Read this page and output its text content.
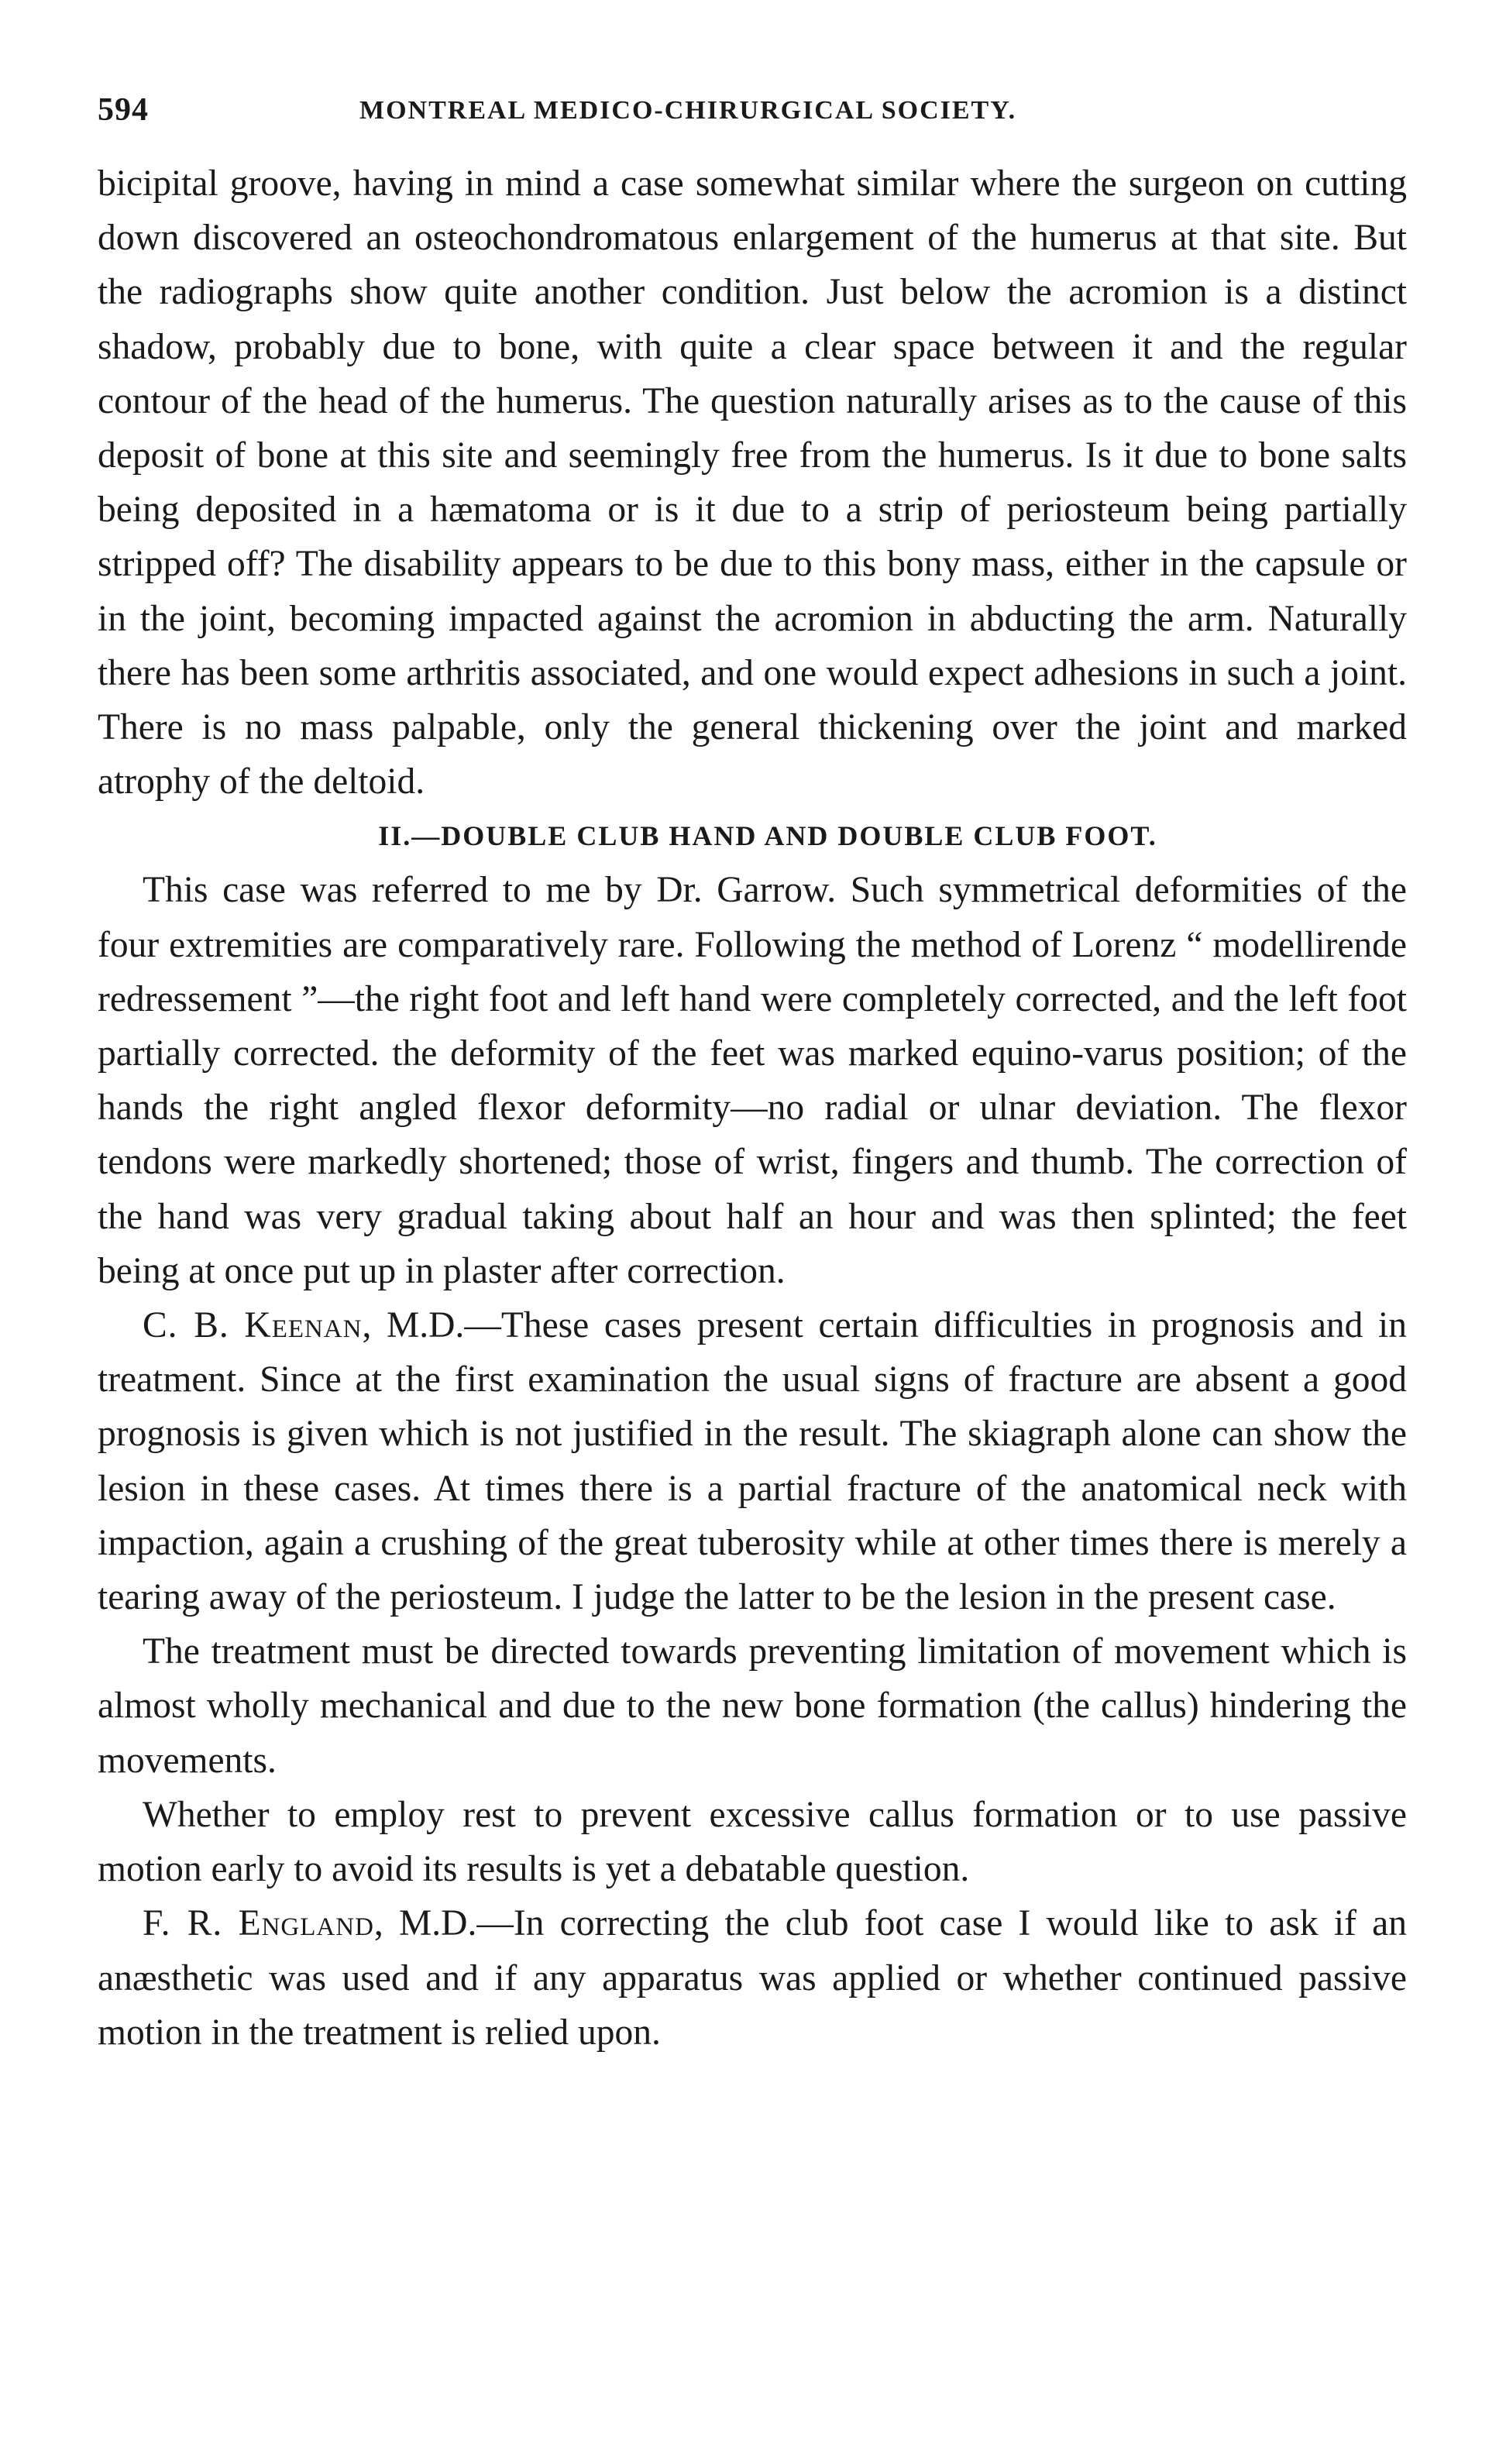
594	MONTREAL MEDICO-CHIRURGICAL SOCIETY.

bicipital groove, having in mind a case somewhat similar where the surgeon on cutting down discovered an osteochondromatous enlargement of the humerus at that site. But the radiographs show quite another condition. Just below the acromion is a distinct shadow, probably due to bone, with quite a clear space between it and the regular contour of the head of the humerus. The question naturally arises as to the cause of this deposit of bone at this site and seemingly free from the humerus. Is it due to bone salts being deposited in a hæmatoma or is it due to a strip of periosteum being partially stripped off? The disability appears to be due to this bony mass, either in the capsule or in the joint, becoming impacted against the acromion in abducting the arm. Naturally there has been some arthritis associated, and one would expect adhesions in such a joint. There is no mass palpable, only the general thickening over the joint and marked atrophy of the deltoid.

II.—DOUBLE CLUB HAND AND DOUBLE CLUB FOOT.

This case was referred to me by Dr. Garrow. Such symmetrical deformities of the four extremities are comparatively rare. Following the method of Lorenz “ modellirende redressement ”—the right foot and left hand were completely corrected, and the left foot partially corrected. the deformity of the feet was marked equino-varus position; of the hands the right angled flexor deformity—no radial or ulnar deviation. The flexor tendons were markedly shortened; those of wrist, fingers and thumb. The correction of the hand was very gradual taking about half an hour and was then splinted; the feet being at once put up in plaster after correction.

C. B. Keenan, M.D.—These cases present certain difficulties in prognosis and in treatment. Since at the first examination the usual signs of fracture are absent a good prognosis is given which is not justified in the result. The skiagraph alone can show the lesion in these cases. At times there is a partial fracture of the anatomical neck with impaction, again a crushing of the great tuberosity while at other times there is merely a tearing away of the periosteum. I judge the latter to be the lesion in the present case.

The treatment must be directed towards preventing limitation of movement which is almost wholly mechanical and due to the new bone formation (the callus) hindering the movements.

Whether to employ rest to prevent excessive callus formation or to use passive motion early to avoid its results is yet a debatable question.

F. R. England, M.D.—In correcting the club foot case I would like to ask if an anæsthetic was used and if any apparatus was applied or whether continued passive motion in the treatment is relied upon.
